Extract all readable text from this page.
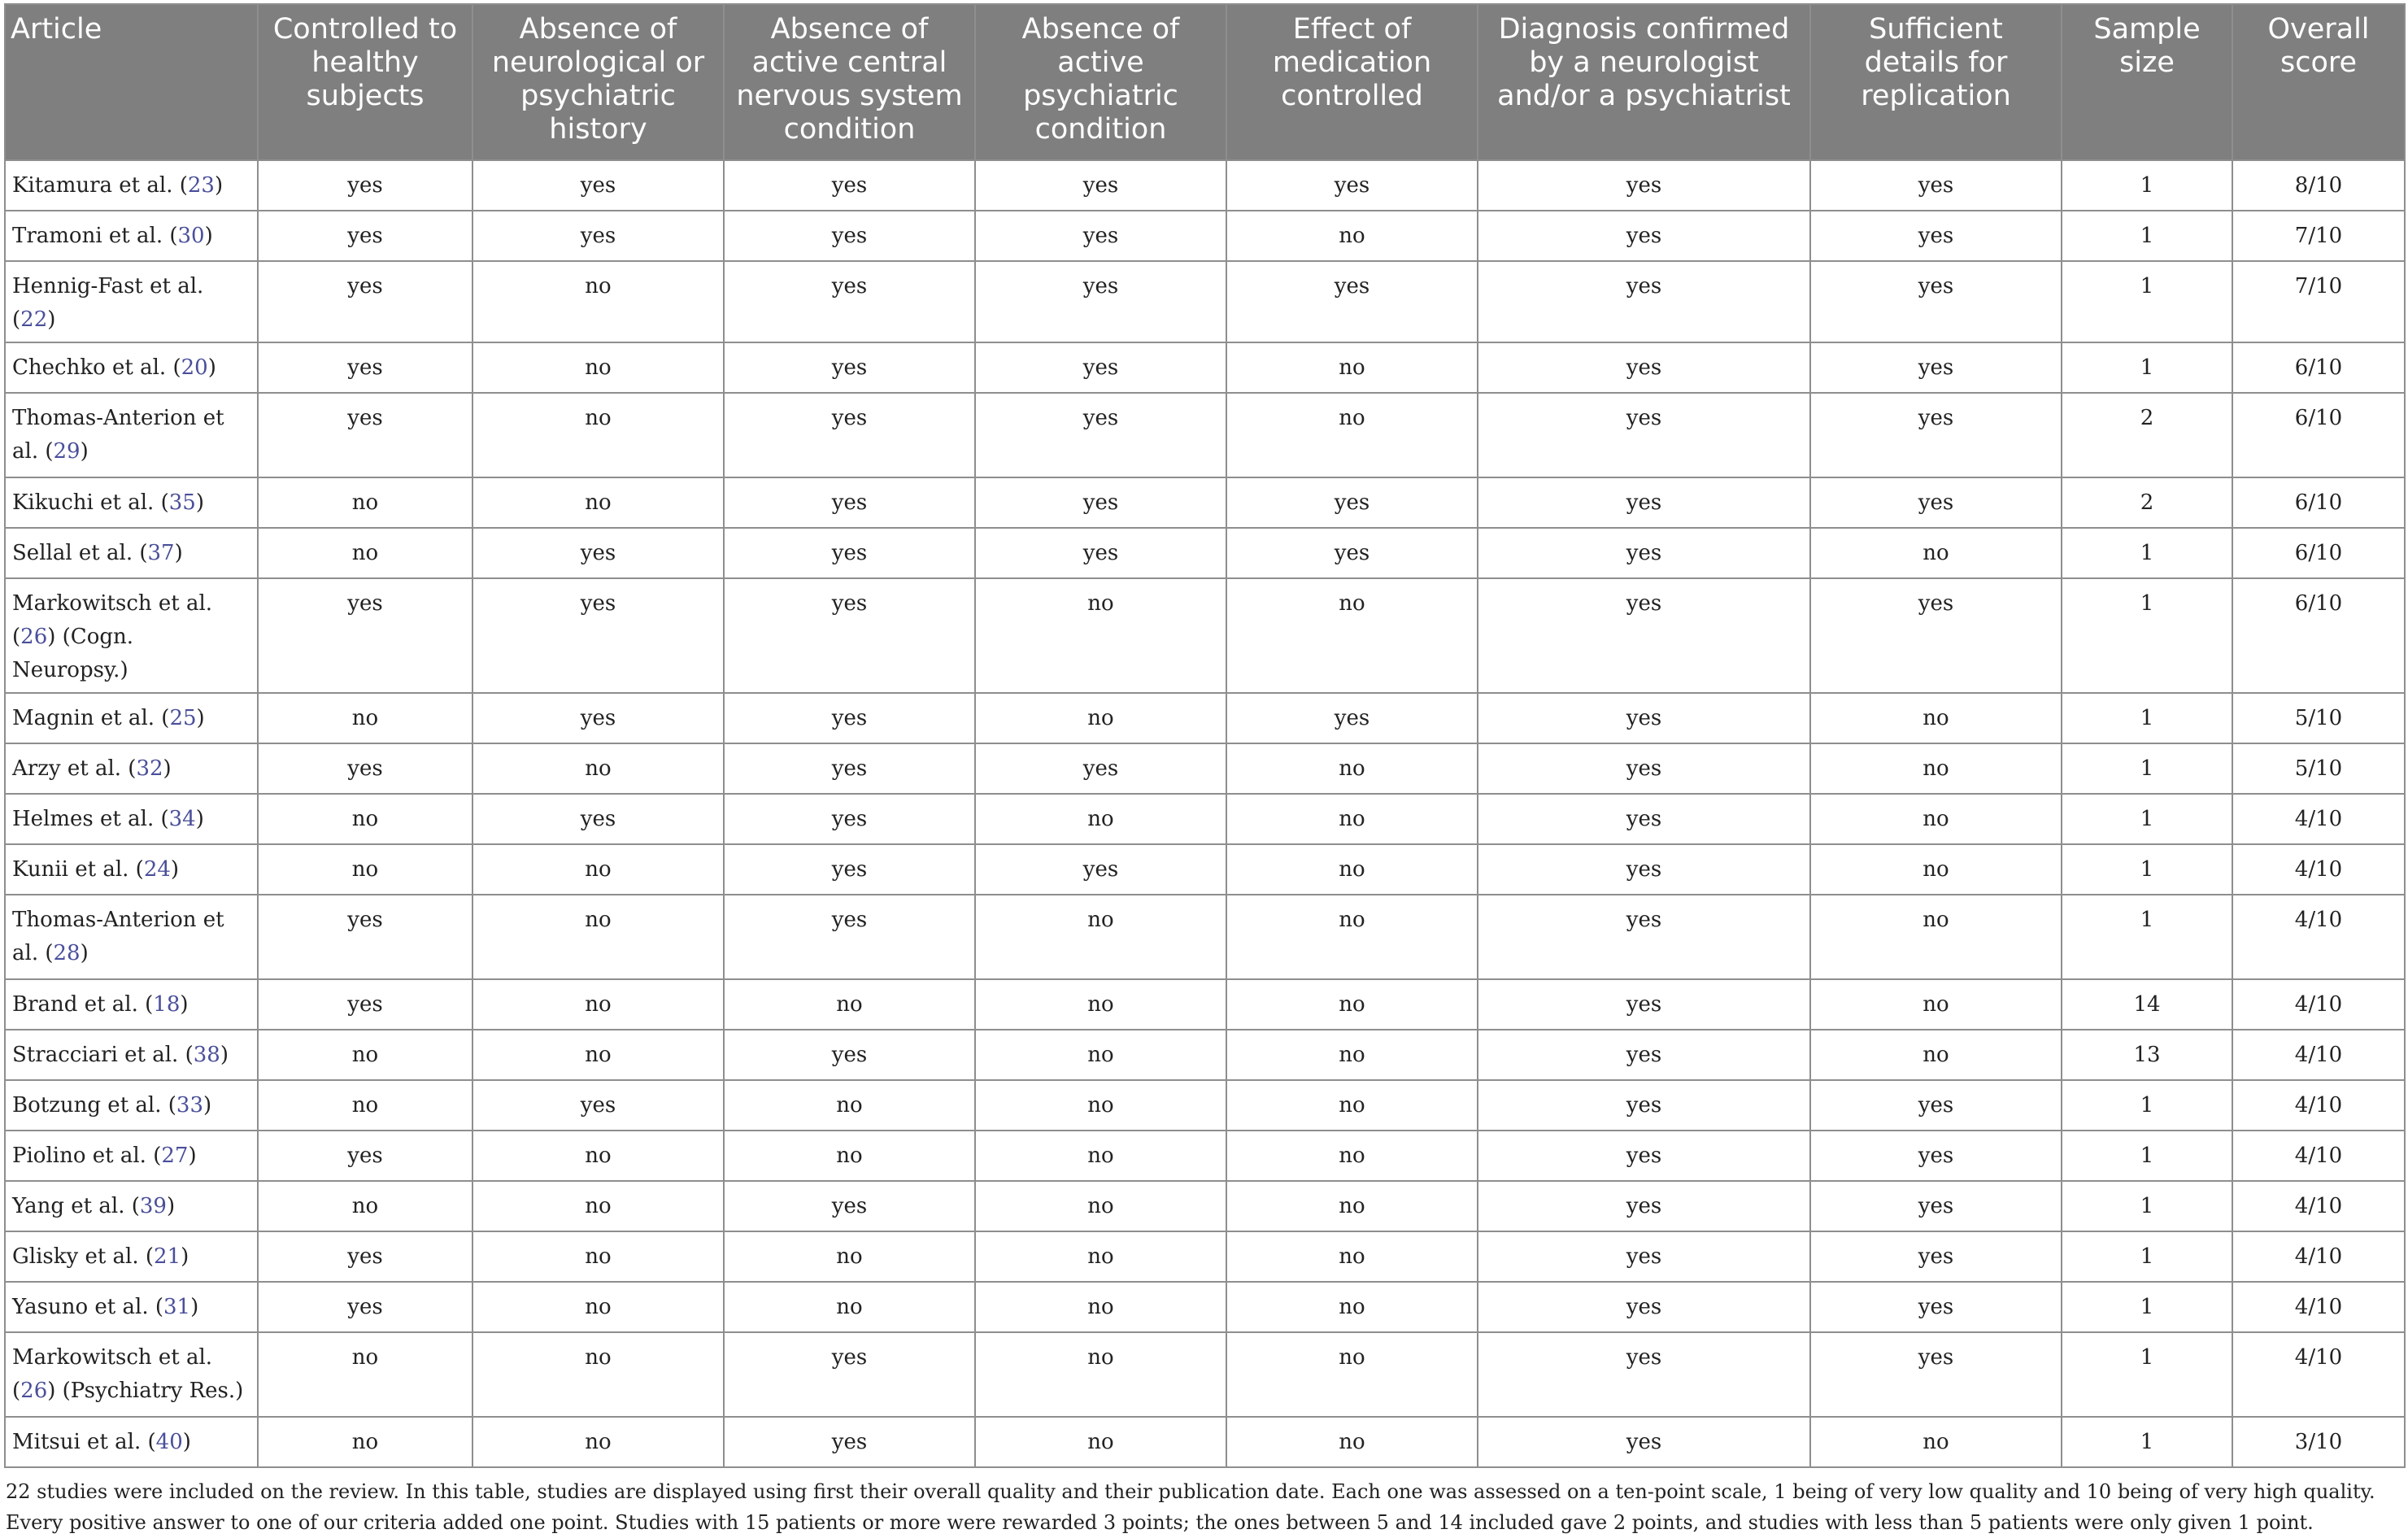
Article	Controlled to healthy subjects	Absence of neurological or psychiatric history	Absence of active central nervous system condition	Absence of active psychiatric condition	Effect of medication controlled	Diagnosis confirmed by a neurologist and/or a psychiatrist	Sufficient details for replication	Sample size	Overall score
Kitamura et al. (23)	yes	yes	yes	yes	yes	yes	yes	1	8/10
Tramoni et al. (30)	yes	yes	yes	yes	no	yes	yes	1	7/10
Hennig-Fast et al. (22)	yes	no	yes	yes	yes	yes	yes	1	7/10
Chechko et al. (20)	yes	no	yes	yes	no	yes	yes	1	6/10
Thomas-Anterion et al. (29)	yes	no	yes	yes	no	yes	yes	2	6/10
Kikuchi et al. (35)	no	no	yes	yes	yes	yes	yes	2	6/10
Sellal et al. (37)	no	yes	yes	yes	yes	yes	no	1	6/10
Markowitsch et al. (26) (Cogn. Neuropsy.)	yes	yes	yes	no	no	yes	yes	1	6/10
Magnin et al. (25)	no	yes	yes	no	yes	yes	no	1	5/10
Arzy et al. (32)	yes	no	yes	yes	no	yes	no	1	5/10
Helmes et al. (34)	no	yes	yes	no	no	yes	no	1	4/10
Kunii et al. (24)	no	no	yes	yes	no	yes	no	1	4/10
Thomas-Anterion et al. (28)	yes	no	yes	no	no	yes	no	1	4/10
Brand et al. (18)	yes	no	no	no	no	yes	no	14	4/10
Stracciari et al. (38)	no	no	yes	no	no	yes	no	13	4/10
Botzung et al. (33)	no	yes	no	no	no	yes	yes	1	4/10
Piolino et al. (27)	yes	no	no	no	no	yes	yes	1	4/10
Yang et al. (39)	no	no	yes	no	no	yes	yes	1	4/10
Glisky et al. (21)	yes	no	no	no	no	yes	yes	1	4/10
Yasuno et al. (31)	yes	no	no	no	no	yes	yes	1	4/10
Markowitsch et al. (26) (Psychiatry Res.)	no	no	yes	no	no	yes	yes	1	4/10
Mitsui et al. (40)	no	no	yes	no	no	yes	no	1	3/10
22 studies were included on the review. In this table, studies are displayed using first their overall quality and their publication date. Each one was assessed on a ten-point scale, 1 being of very low quality and 10 being of very high quality. Every positive answer to one of our criteria added one point. Studies with 15 patients or more were rewarded 3 points; the ones between 5 and 14 included gave 2 points, and studies with less than 5 patients were only given 1 point.
